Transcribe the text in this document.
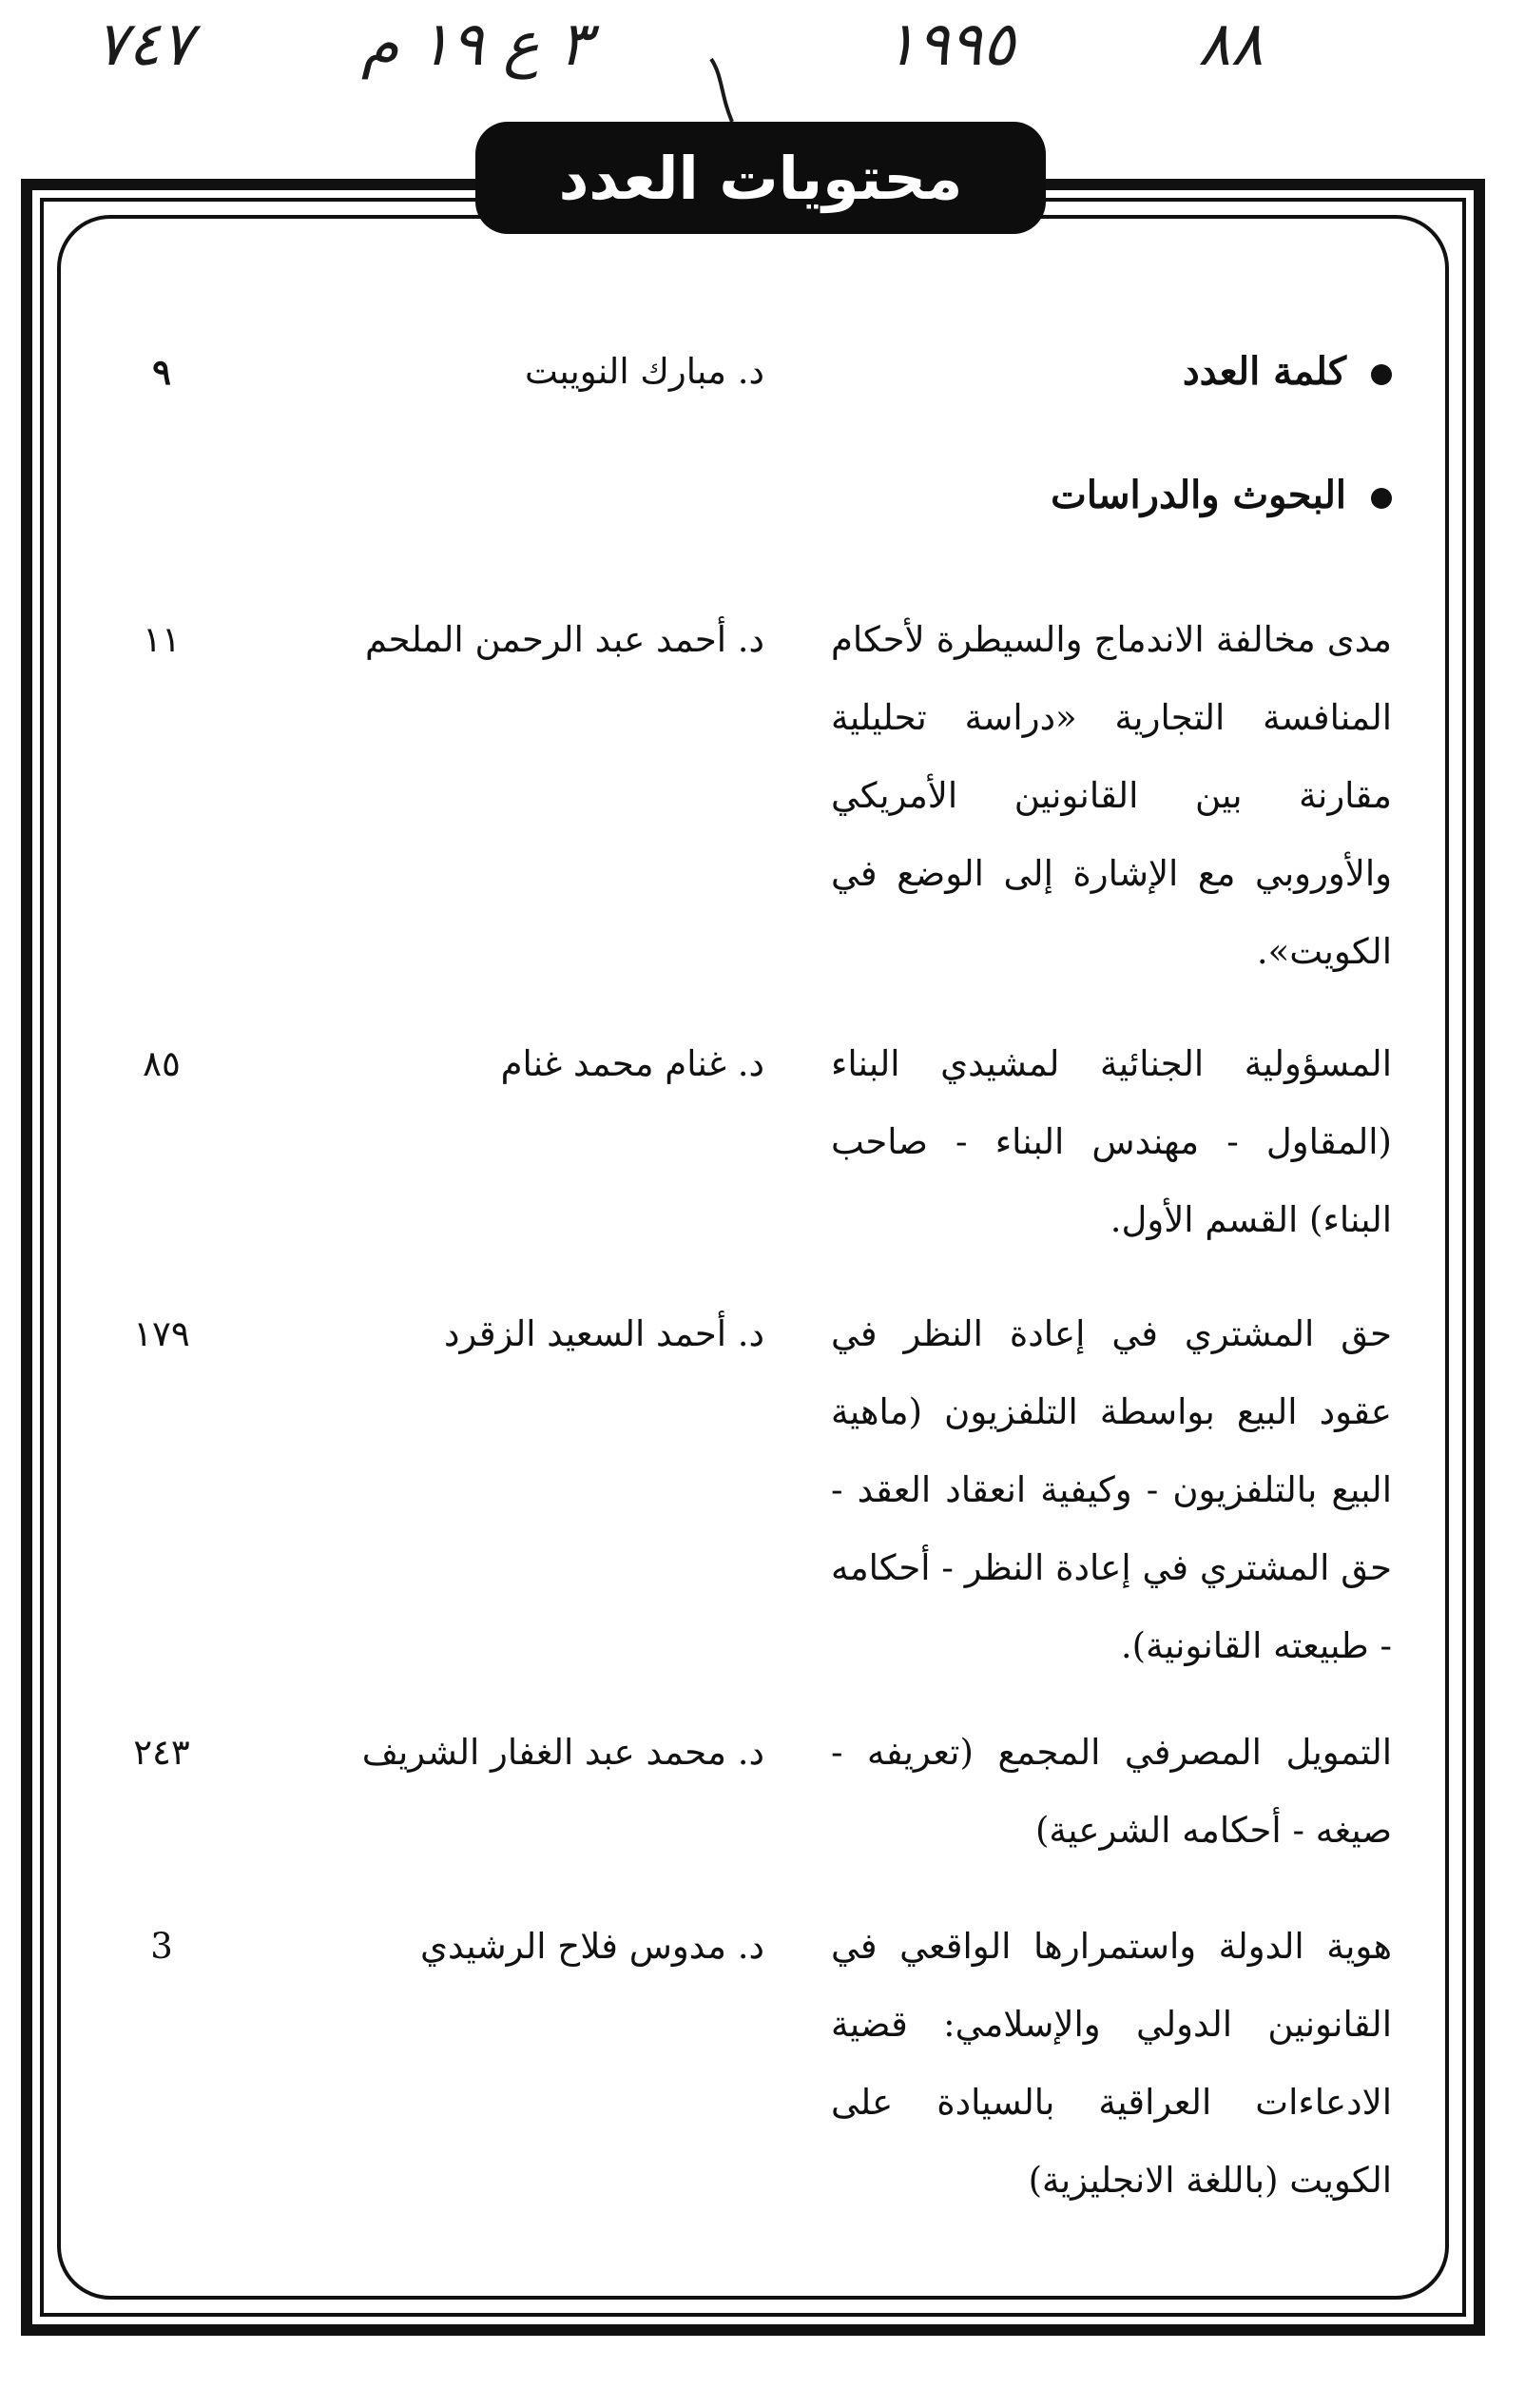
٨٨
٣ ع ١٩ م	١٩٩٥
٧٤٧
محتويات العدد
كلمة العدد
د. مبارك النويبت
٩
البحوث والدراسات
مدى مخالفة الاندماج والسيطرة لأحكام المنافسة التجارية «دراسة تحليلية مقارنة بين القانونين الأمريكي والأوروبي مع الإشارة إلى الوضع في الكويت».
د. أحمد عبد الرحمن الملحم
١١
المسؤولية الجنائية لمشيدي البناء (المقاول - مهندس البناء - صاحب البناء) القسم الأول.
د. غنام محمد غنام
٨٥
حق المشتري في إعادة النظر في عقود البيع بواسطة التلفزيون (ماهية البيع بالتلفزيون - وكيفية انعقاد العقد - حق المشتري في إعادة النظر - أحكامه - طبيعته القانونية).
د. أحمد السعيد الزقرد
١٧٩
التمويل المصرفي المجمع (تعريفه - صيغه - أحكامه الشرعية)
د. محمد عبد الغفار الشريف
٢٤٣
هوية الدولة واستمرارها الواقعي في القانونين الدولي والإسلامي: قضية الادعاءات العراقية بالسيادة على الكويت (باللغة الانجليزية)
د. مدوس فلاح الرشيدي
3
